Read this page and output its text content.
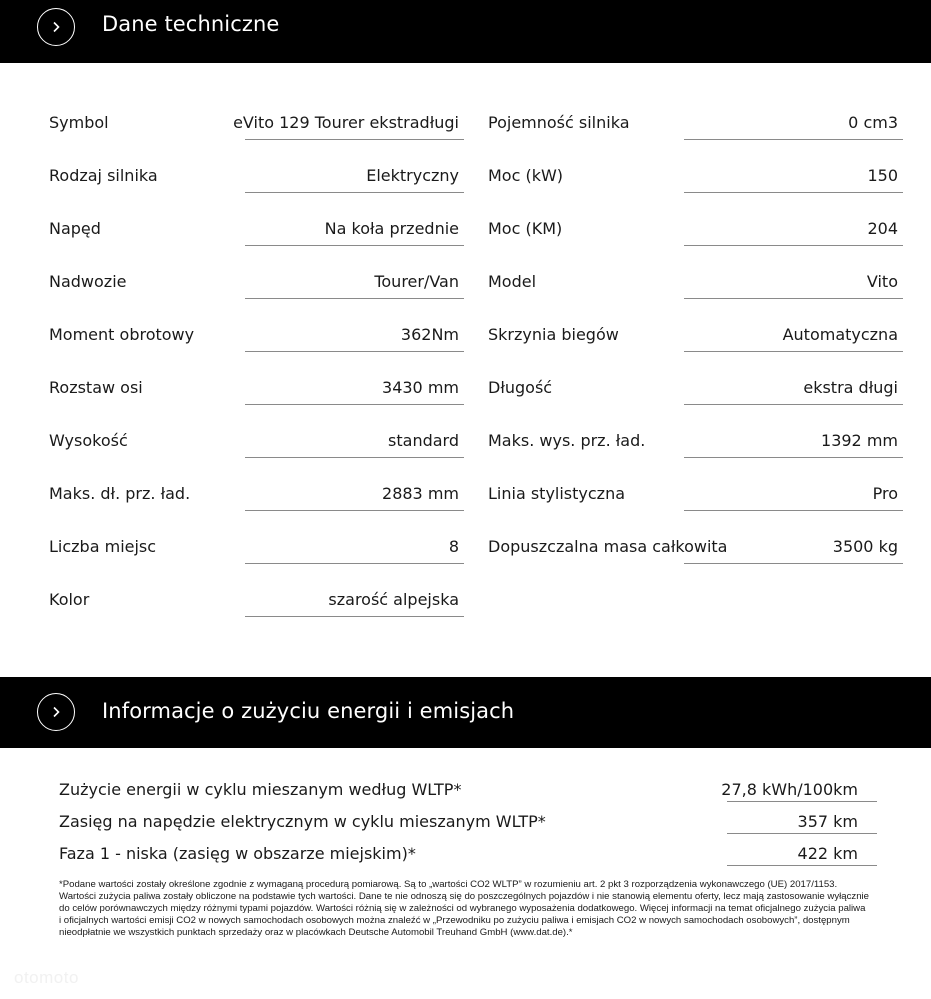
Dane techniczne
Symbol	eVito 129 Tourer ekstradługi
Rodzaj silnika	Elektryczny
Napęd	Na koła przednie
Nadwozie	Tourer/Van
Moment obrotowy	362Nm
Rozstaw osi	3430 mm
Wysokość	standard
Maks. dł. prz. ład.	2883 mm
Liczba miejsc	8
Kolor	szarość alpejska
Pojemność silnika	0 cm3
Moc (kW)	150
Moc (KM)	204
Model	Vito
Skrzynia biegów	Automatyczna
Długość	ekstra długi
Maks. wys. prz. ład.	1392 mm
Linia stylistyczna	Pro
Dopuszczalna masa całkowita	3500 kg
Informacje o zużyciu energii i emisjach
Zużycie energii w cyklu mieszanym według WLTP*	27,8 kWh/100km
Zasięg na napędzie elektrycznym w cyklu mieszanym WLTP*	357 km
Faza 1 - niska (zasięg w obszarze miejskim)*	422 km
*Podane wartości zostały określone zgodnie z wymaganą procedurą pomiarową. Są to „wartości CO2 WLTP” w rozumieniu art. 2 pkt 3 rozporządzenia wykonawczego (UE) 2017/1153. Wartości zużycia paliwa zostały obliczone na podstawie tych wartości. Dane te nie odnoszą się do poszczególnych pojazdów i nie stanowią elementu oferty, lecz mają zastosowanie wyłącznie do celów porównawczych między różnymi typami pojazdów. Wartości różnią się w zależności od wybranego wyposażenia dodatkowego. Więcej informacji na temat oficjalnego zużycia paliwa i oficjalnych wartości emisji CO2 w nowych samochodach osobowych można znaleźć w „Przewodniku po zużyciu paliwa i emisjach CO2 w nowych samochodach osobowych”, dostępnym nieodpłatnie we wszystkich punktach sprzedaży oraz w placówkach Deutsche Automobil Treuhand GmbH (www.dat.de).*
otomoto
